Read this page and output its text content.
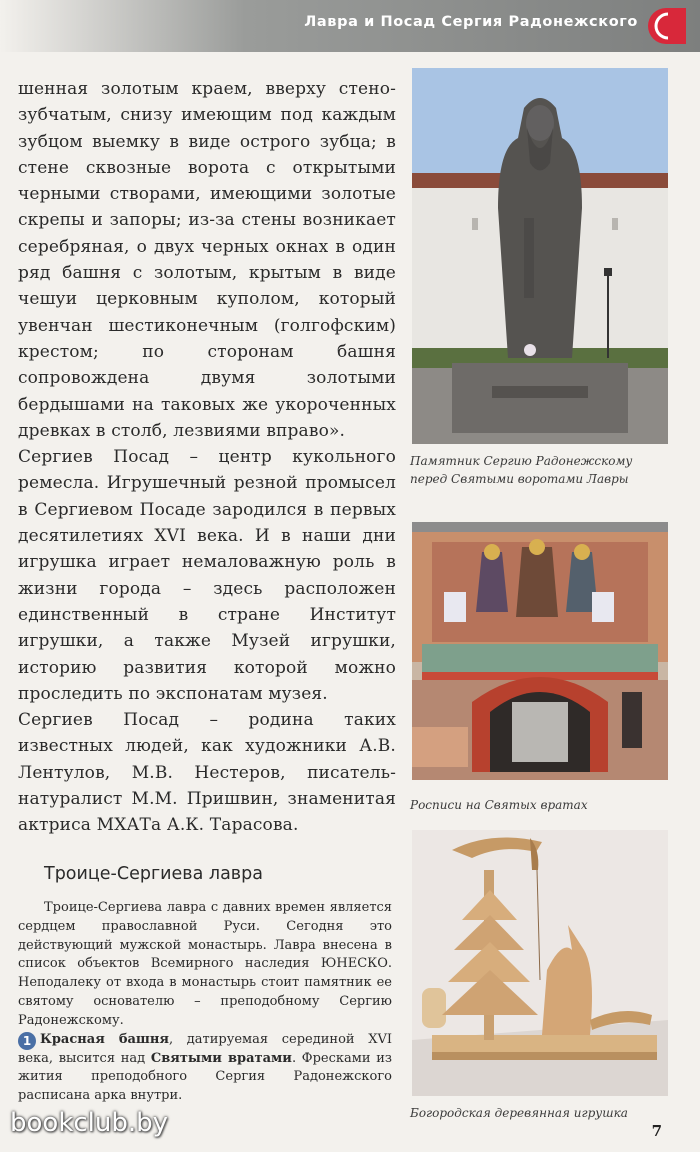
Лавра и Посад Сергия Радонежского

шенная золотым краем, вверху стено-зубчатым, снизу имеющим под каждым зубцом выемку в виде острого зубца; в стене сквозные ворота с открытыми черными створами, имеющими золотые скрепы и запоры; из-за стены возникает серебряная, о двух черных окнах в один ряд башня с золотым, крытым в виде чешуи церковным куполом, который увенчан шестиконечным (голгофским) крестом; по сторонам башня сопровождена двумя золотыми бердышами на таковых же укороченных древках в столб, лезвиями вправо».

Сергиев Посад – центр кукольного ремесла. Игрушечный резной промысел в Сергиевом Посаде зародился в первых десятилетиях XVI века. И в наши дни игрушка играет немаловажную роль в жизни города – здесь расположен единственный в стране Институт игрушки, а также Музей игрушки, историю развития которой можно проследить по экспонатам музея.

Сергиев Посад – родина таких известных людей, как художники А.В. Лентулов, М.В. Нестеров, писатель-натуралист М.М. Пришвин, знаменитая актриса МХАТа А.К. Тарасова.

Троице-Сергиева лавра

Троице-Сергиева лавра с давних времен является сердцем православной Руси. Сегодня это действующий мужской монастырь. Лавра внесена в список объектов Всемирного наследия ЮНЕСКО. Неподалеку от входа в монастырь стоит памятник ее святому основателю – преподобному Сергию Радонежскому.

1 Красная башня, датируемая серединой XVI века, высится над Святыми вратами. Фресками из жития преподобного Сергия Радонежского расписана арка внутри.

Памятник Сергию Радонежскому перед Святыми воротами Лавры
Росписи на Святых вратах
Богородская деревянная игрушка
bookclub.by	7
